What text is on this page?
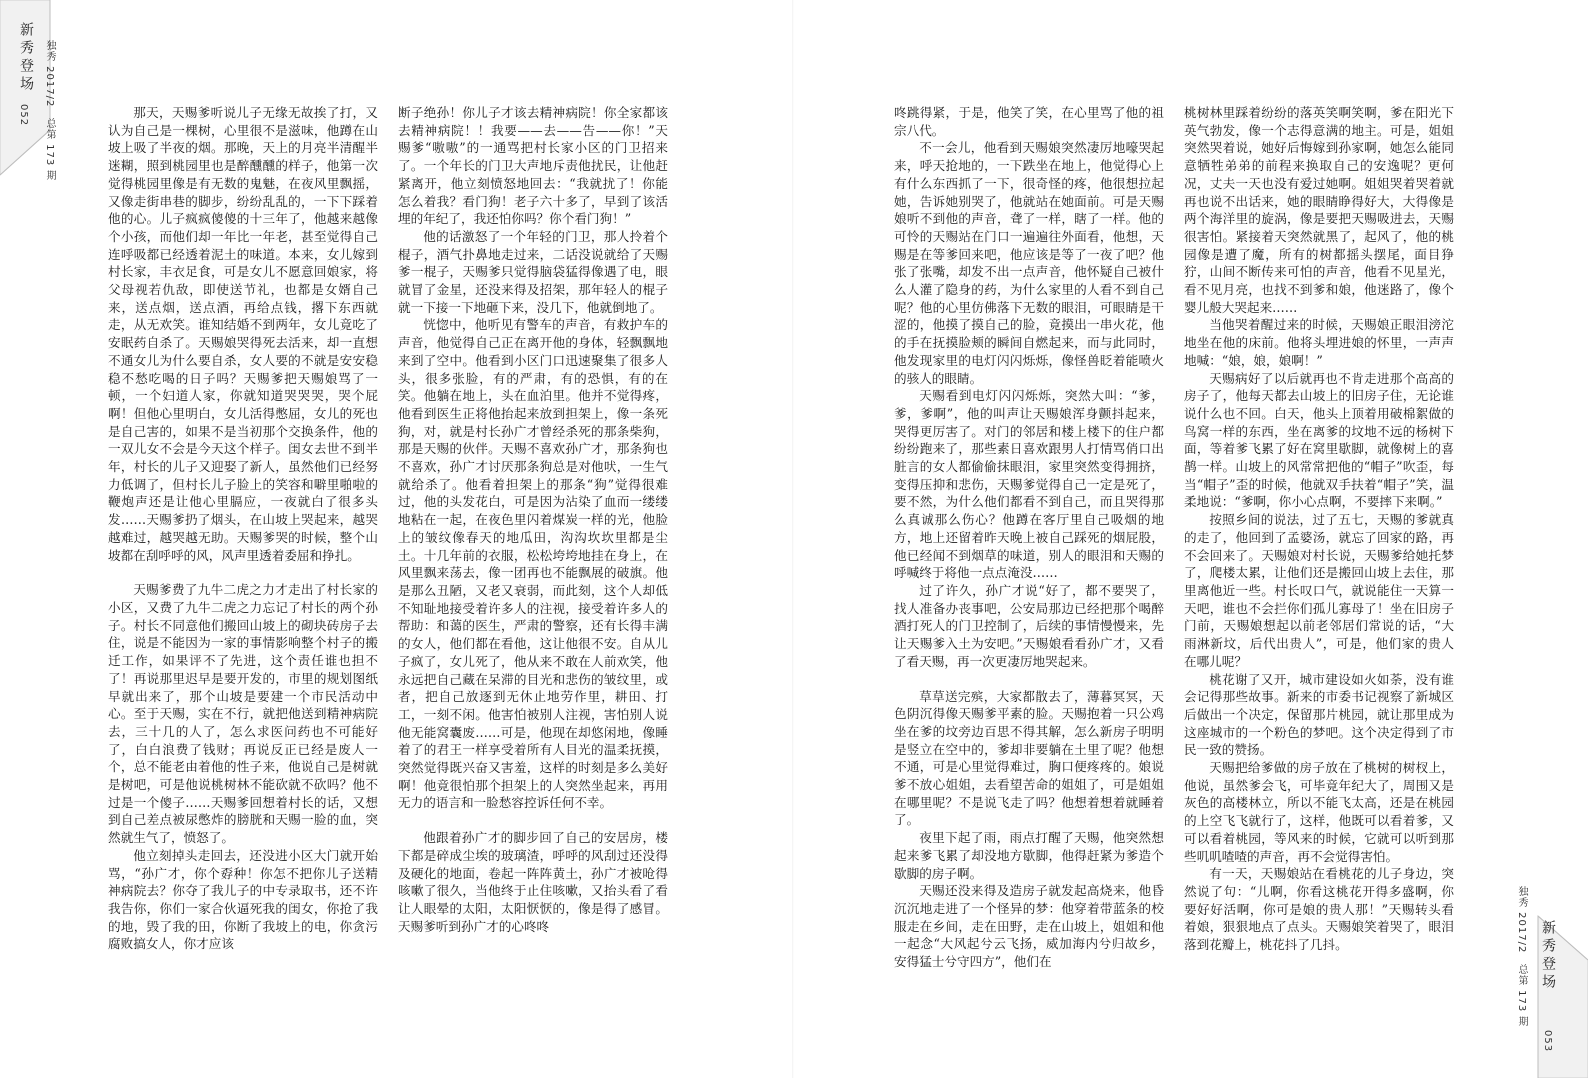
新秀登场
052
独秀 2017/2
总第 173 期

那天，天赐爹听说儿子无缘无故挨了打，又认为自己是一棵树，心里很不是滋味，他蹲在山坡上吸了半夜的烟。那晚，天上的月亮半清醒半迷糊，照到桃园里也是醉醺醺的样子，他第一次觉得桃园里像是有无数的鬼魅，在夜风里飘摇，又像走街串巷的脚步，纷纷乱乱的，一下下踩着他的心。儿子疯疯傻傻的十三年了，他越来越像个小孩，而他们却一年比一年老，甚至觉得自己连呼吸都已经透着泥土的味道。本来，女儿嫁到村长家，丰衣足食，可是女儿不愿意回娘家，将父母视若仇敌，即使送节礼，也都是女婿自己来，送点烟，送点酒，再给点钱，撂下东西就走，从无欢笑。谁知结婚不到两年，女儿竟吃了安眠药自杀了。天赐娘哭得死去活来，却一直想不通女儿为什么要自杀，女人要的不就是安安稳稳不愁吃喝的日子吗？天赐爹把天赐娘骂了一顿，一个妇道人家，你就知道哭哭哭，哭个屁啊！但他心里明白，女儿活得憋屈，女儿的死也是自己害的，如果不是当初那个交换条件，他的一双儿女不会是今天这个样子。闺女去世不到半年，村长的儿子又迎娶了新人，虽然他们已经努力低调了，但村长儿子脸上的笑容和噼里啪啦的鞭炮声还是让他心里膈应，一夜就白了很多头发……天赐爹扔了烟头，在山坡上哭起来，越哭越难过，越哭越无助。天赐爹哭的时候，整个山坡都在刮呼呼的风，风声里透着委屈和挣扎。

天赐爹费了九牛二虎之力才走出了村长家的小区，又费了九牛二虎之力忘记了村长的两个孙子。村长不同意他们搬回山坡上的砌块砖房子去住，说是不能因为一家的事情影响整个村子的搬迁工作，如果评不了先进，这个责任谁也担不了！再说那里迟早是要开发的，市里的规划图纸早就出来了，那个山坡是要建一个市民活动中心。至于天赐，实在不行，就把他送到精神病院去，三十几的人了，怎么求医问药也不可能好了，白白浪费了钱财；再说反正已经是废人一个，总不能老由着他的性子来，他说自己是树就是树吧，可是他说桃树林不能砍就不砍吗？他不过是一个傻子……天赐爹回想着村长的话，又想到自己差点被尿憋炸的膀胱和天赐一脸的血，突然就生气了，愤怒了。

他立刻掉头走回去，还没进小区大门就开始骂，“孙广才，你个孬种！你怎不把你儿子送精神病院去？你夺了我儿子的中专录取书，还不许我告你，你们一家合伙逼死我的闺女，你抢了我的地，毁了我的田，你断了我坡上的电，你贪污腐败搞女人，你才应该

断子绝孙！你儿子才该去精神病院！你全家都该去精神病院！！我要——去——告——你！”天赐爹“嗷嗷”的一通骂把村长家小区的门卫招来了。一个年长的门卫大声地斥责他扰民，让他赶紧离开，他立刻愤怒地回去：“我就扰了！你能怎么着我？看门狗！老子六十多了，早到了该活埋的年纪了，我还怕你吗？你个看门狗！”

他的话激怒了一个年轻的门卫，那人拎着个棍子，酒气扑鼻地走过来，二话没说就给了天赐爹一棍子，天赐爹只觉得脑袋猛得像遇了电，眼就冒了金星，还没来得及招架，那年轻人的棍子就一下接一下地砸下来，没几下，他就倒地了。

恍惚中，他听见有警车的声音，有救护车的声音，他觉得自己正在离开他的身体，轻飘飘地来到了空中。他看到小区门口迅速聚集了很多人头，很多张脸，有的严肃，有的恐惧，有的在笑。他躺在地上，头在血泊里。他并不觉得疼，他看到医生正将他抬起来放到担架上，像一条死狗，对，就是村长孙广才曾经杀死的那条柴狗，那是天赐的伙伴。天赐不喜欢孙广才，那条狗也不喜欢，孙广才讨厌那条狗总是对他吠，一生气就给杀了。他看着担架上的那条“狗”觉得很难过，他的头发花白，可是因为沾染了血而一缕缕地粘在一起，在夜色里闪着煤炭一样的光，他脸上的皱纹像春天的地瓜田，沟沟坎坎里都是尘土。十几年前的衣服，松松垮垮地挂在身上，在风里飘来荡去，像一团再也不能飘展的破旗。他是那么丑陋，又老又衰弱，而此刻，这个人却低不知耻地接受着许多人的注视，接受着许多人的帮助：和蔼的医生，严肃的警察，还有长得丰满的女人，他们都在看他，这让他很不安。自从儿子疯了，女儿死了，他从来不敢在人前欢笑，他永远把自己藏在呆滞的目光和悲伤的皱纹里，或者，把自己放逐到无休止地劳作里，耕田、打工，一刻不闲。他害怕被别人注视，害怕别人说他无能窝囊废……可是，他现在却悠闲地，像睡着了的君王一样享受着所有人目光的温柔抚摸，突然觉得既兴奋又害羞，这样的时刻是多么美好啊！他竟很怕那个担架上的人突然坐起来，再用无力的语言和一脸愁容控诉任何不幸。

他跟着孙广才的脚步回了自己的安居房，楼下都是碎成尘埃的玻璃渣，呼呼的风刮过还没得及硬化的地面，卷起一阵阵黄土，孙广才被呛得咳嗽了很久，当他终于止住咳嗽，又抬头看了看让人眼晕的太阳，太阳恹恹的，像是得了感冒。天赐爹听到孙广才的心咚咚

咚跳得紧，于是，他笑了笑，在心里骂了他的祖宗八代。

不一会儿，他看到天赐娘突然凄厉地嚎哭起来，呼天抢地的，一下跌坐在地上，他觉得心上有什么东西抓了一下，很奇怪的疼，他很想拉起她，告诉她别哭了，他就站在她面前。可是天赐娘听不到他的声音，聋了一样，瞎了一样。他的可怜的天赐站在门口一遍遍往外面看，他想，天赐是在等爹回来吧，他应该是等了一夜了吧？他张了张嘴，却发不出一点声音，他怀疑自己被什么人灌了隐身的药，为什么家里的人看不到自己呢？他的心里仿佛落下无数的眼泪，可眼睛是干涩的，他摸了摸自己的脸，竟摸出一串火花，他的手在抚摸脸颊的瞬间自燃起来，而与此同时，他发现家里的电灯闪闪烁烁，像怪兽眨着能喷火的骇人的眼睛。

天赐看到电灯闪闪烁烁，突然大叫：“爹，爹，爹啊”，他的叫声让天赐娘浑身颤抖起来，哭得更厉害了。对门的邻居和楼上楼下的住户都纷纷跑来了，那些素日喜欢跟男人打情骂俏口出脏言的女人都偷偷抹眼泪，家里突然变得拥挤，变得压抑和悲伤，天赐爹觉得自己一定是死了，要不然，为什么他们都看不到自己，而且哭得那么真诚那么伤心？他蹲在客厅里自己吸烟的地方，地上还留着昨天晚上被自己踩死的烟屁股，他已经闻不到烟草的味道，别人的眼泪和天赐的呼喊终于将他一点点淹没……

过了许久，孙广才说“好了，都不要哭了，找人准备办丧事吧，公安局那边已经把那个喝醉酒打死人的门卫控制了，后续的事情慢慢来，先让天赐爹入土为安吧。”天赐娘看看孙广才，又看了看天赐，再一次更凄厉地哭起来。

草草送完殡，大家都散去了，薄暮冥冥，天色阴沉得像天赐爹平素的脸。天赐抱着一只公鸡坐在爹的坟旁边百思不得其解，怎么新房子明明是竖立在空中的，爹却非要躺在土里了呢？他想不通，可是心里觉得难过，胸口便疼疼的。娘说爹不放心姐姐，去看望苦命的姐姐了，可是姐姐在哪里呢？不是说飞走了吗？他想着想着就睡着了。

夜里下起了雨，雨点打醒了天赐，他突然想起来爹飞累了却没地方歇脚，他得赶紧为爹造个歇脚的房子啊。

天赐还没来得及造房子就发起高烧来，他昏沉沉地走进了一个怪异的梦：他穿着带蓝条的校服走在乡间，走在田野，走在山坡上，姐姐和他一起念“大风起兮云飞扬，威加海内兮归故乡，安得猛士兮守四方”，他们在

桃树林里踩着纷纷的落英笑啊笑啊，爹在阳光下英气勃发，像一个志得意满的地主。可是，姐姐突然哭着说，她好后悔嫁到孙家啊，她怎么能同意牺牲弟弟的前程来换取自己的安逸呢？更何况，丈夫一天也没有爱过她啊。姐姐哭着哭着就再也说不出话来，她的眼睛睁得好大，大得像是两个海洋里的旋涡，像是要把天赐吸进去，天赐很害怕。紧接着天突然就黑了，起风了，他的桃园像是遭了魔，所有的树都摇头摆尾，面目狰狞，山间不断传来可怕的声音，他看不见星光，看不见月亮，也找不到爹和娘，他迷路了，像个婴儿般大哭起来……

当他哭着醒过来的时候，天赐娘正眼泪滂沱地坐在他的床前。他将头埋进娘的怀里，一声声地喊：“娘，娘，娘啊！”

天赐病好了以后就再也不肯走进那个高高的房子了，他每天都去山坡上的旧房子住，无论谁说什么也不回。白天，他头上顶着用破棉絮做的鸟窝一样的东西，坐在离爹的坟地不远的杨树下面，等着爹飞累了好在窝里歇脚，就像树上的喜鹊一样。山坡上的风常常把他的“帽子”吹歪，每当“帽子”歪的时候，他就双手扶着“帽子”笑，温柔地说：“爹啊，你小心点啊，不要摔下来啊。”

按照乡间的说法，过了五七，天赐的爹就真的走了，他回到了孟婆汤，就忘了回家的路，再不会回来了。天赐娘对村长说，天赐爹给她托梦了，爬楼太累，让他们还是搬回山坡上去住，那里离他近一些。村长叹口气，就说能住一天算一天吧，谁也不会拦你们孤儿寡母了！坐在旧房子门前，天赐娘想起以前老邻居们常说的话，“大雨淋新坟，后代出贵人”，可是，他们家的贵人在哪儿呢？

桃花谢了又开，城市建设如火如荼，没有谁会记得那些故事。新来的市委书记视察了新城区后做出一个决定，保留那片桃园，就让那里成为这座城市的一个粉色的梦吧。这个决定得到了市民一致的赞扬。

天赐把给爹做的房子放在了桃树的树杈上，他说，虽然爹会飞，可毕竟年纪大了，周围又是灰色的高楼林立，所以不能飞太高，还是在桃园的上空飞飞就行了，这样，他既可以看着爹，又可以看着桃园，等风来的时候，它就可以听到那些叽叽喳喳的声音，再不会觉得害怕。

有一天，天赐娘站在看桃花的儿子身边，突然说了句：“儿啊，你看这桃花开得多盛啊，你要好好活啊，你可是娘的贵人那！”天赐转头看着娘，狠狠地点了点头。天赐娘笑着哭了，眼泪落到花瓣上，桃花抖了几抖。	独秀 2017/2
总第 173 期
新秀登场
053
